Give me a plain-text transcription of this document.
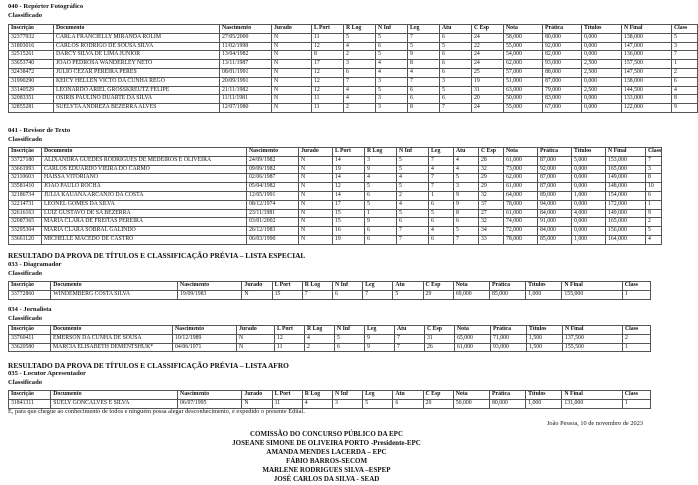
040 - Repórter Fotográfico
Classificado
Inscrição	Documento	Nascimento	Jurado	L Port	R Log	N Inf	Leg	Atu	C Esp	Nota	Prática	Títulos	N Final	Class
32377932	CARLA FRANCIELLY MIRANDA ROLIM	27/05/2000	N	11	5	5	7	6	24	58,000	80,000	0,000	138,000	5
31803016	CARLOS RODRIGO DE SOUSA SILVA	11/02/1998	N	12	4	6	5	5	22	55,000	92,000	0,000	147,000	3
32515261	DARCY SILVA DE LIMA JUNIOR	13/04/1982	N	8	2	5	9	6	24	54,000	82,000	0,000	136,000	7
33653740	JOAO PEDROSA WANDERLEY NETO	13/11/1987	N	17	3	4	8	6	24	62,000	93,000	2,500	157,500	1
32438472	JULIO CEZAR PEREIRA PERES	08/01/1991	N	12	6	4	4	6	25	57,000	88,000	2,500	147,500	2
31990290	KEICY HELLEN VICTO DA CUNHA REGO	20/09/1991	N	12	7	3	7	3	19	51,000	87,000	0,000	138,000	6
33140529	LEONARDO ARIEL GROSSKREUTZ FELIPE	21/11/1982	N	12	4	5	6	5	31	63,000	79,000	2,500	144,500	4
32083351	OSIRIS PAULINO DUARTE DA SILVA	11/11/1981	N	11	4	3	6	6	20	50,000	83,000	0,000	133,000	8
32855281	SUELYTA ANDREZA BEZERRA ALVES	12/07/1980	N	11	2	3	8	7	24	55,000	67,000	0,000	122,000	9
041 - Revisor de Texto
Classificado
Inscrição	Documento	Nascimento	Jurado	L Port	R Log	N Inf	Leg	Atu	C Esp	Nota	Prática	Títulos	N Final	Class
33727180	ALIXANDRA GUEDES RODRIGUES DE MEDEIROS E OLIVEIRA	24/09/1982	N	14	3	5	7	4	28	61,000	87,000	5,000	153,000	7
33661993	CARLOS EDUARDO VIEIRA DO CARMO	09/09/1982	N	19	9	5	4	4	32	73,000	92,000	0,000	165,000	3
32110603	HAISSA VITORIANO	02/06/1987	N	14	4	4	7	5	29	62,000	87,000	0,000	149,000	8
33581410	JOAO PAULO ROCHA	05/04/1982	N	12	5	5	7	3	29	61,000	87,000	0,000	148,000	10
32186734	JULIA KAUANA ARCANJO DA COSTA	12/05/1991	N	14	6	2	1	9	32	64,000	89,000	1,000	154,000	6
32214731	LEONEL GOMES DA SILVA	08/12/1974	N	17	5	4	6	9	37	78,000	94,000	0,000	172,000	1
32616163	LUIZ GUSTAVO DE SA BEZERRA	23/11/1981	N	15	1	5	5	8	27	61,000	84,000	4,000	149,000	9
32087365	MARIA CLARA DE FREITAS PEREIRA	03/01/2002	N	15	9	6	6	6	32	74,000	91,000	0,000	165,000	2
33295304	MARIA CLARA SOBRAL GALINDO	26/12/1983	N	16	6	7	4	5	34	72,000	84,000	0,000	156,000	5
33661120	MICHELLE MACEDO DE CASTRO	06/03/1990	N	19	6	7	6	7	33	78,000	85,000	1,000	164,000	4
RESULTADO DA PROVA DE TÍTULOS E CLASSIFICAÇÃO PRÉVIA – LISTA ESPECIAL
033 - Diagramador
Classificado
Inscrição	Documento	Nascimento	Jurado	L Port	R Log	N Inf	Leg	Atu	C Esp	Nota	Prática	Títulos	N Final	Class
33772860	WINDEMBERG COSTA SILVA	19/09/1983	N	15	7	6	7	5	29	69,000	85,000	1,000	155,000	1
034 - Jornalista
Classificado
Inscrição	Documento	Nascimento	Jurado	L Port	R Log	N Inf	Leg	Atu	C Esp	Nota	Prática	Títulos	N Final	Class
33760411	EMERSON DA CUNHA DE SOUSA	10/12/1989	N	12	4	5	9	7	31	65,000	71,000	1,500	137,500	2
33620580	MARCIA ELISABETH DEMENTSHUK*	04/06/1971	N	11	2	6	9	7	26	61,000	93,000	1,500	155,500	1
RESULTADO DA PROVA DE TÍTULOS E CLASSIFICAÇÃO PRÉVIA – LISTA AFRO
035 - Locutor Apresentador
Classificado
Inscrição	Documento	Nascimento	Jurado	L Port	R Log	N Inf	Leg	Atu	C Esp	Nota	Prática	Títulos	N Final	Class
31841311	SUELY GONCALVES E SILVA	06/07/1995	N	11	4	3	5	6	20	50,000	80,000	1,000	131,000	1
E, para que chegue ao conhecimento de todos e ninguém possa alegar desconhecimento, é expedido o presente Edital.
João Pessoa, 10 de novembro de 2023
COMISSÃO DO CONCURSO PÚBLICO DA EPC
JOSEANE SIMONE DE OLIVEIRA PORTO -Presidente-EPC
AMANDA MENDES LACERDA – EPC
FÁBIO BARROS-SECOM
MARLENE RODRIGUES SILVA –ESPEP
JOSÉ CARLOS DA SILVA - SEAD
